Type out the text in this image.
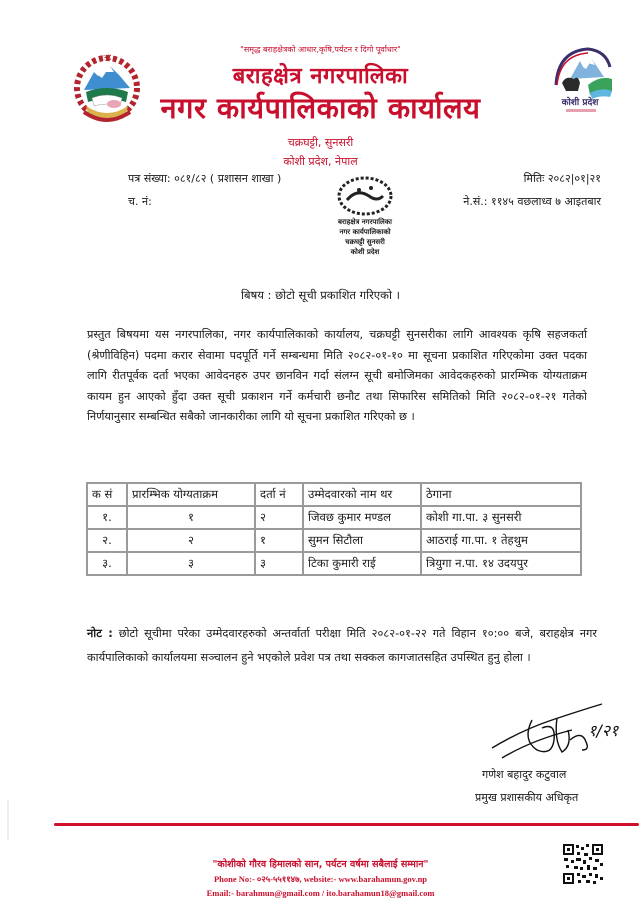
🕉
कोशी प्रदेश
"समृद्ध बराहक्षेत्रको आधार,कृषि,पर्यटन र दिगो पूर्वाधार"
बराहक्षेत्र नगरपालिका
नगर कार्यपालिकाको कार्यालय
चक्रघट्टी, सुनसरी
कोशी प्रदेश, नेपाल
पत्र संख्या: ०८१/८२ ( प्रशासन शाखा )
च. नं:
मितिः २०८२|०१|२१
ने.सं.: ११४५ वछलाध्व ७ आइतबार
बराहक्षेत्र नगरपालिका
नगर कार्यपालिकाको
चक्रघट्टी सुनसरी
कोशी प्रदेश
बिषय : छोटो सूची प्रकाशित गरिएको ।
प्रस्तुत बिषयमा यस नगरपालिका, नगर कार्यपालिकाको कार्यालय, चक्रघट्टी सुनसरीका लागि आवश्यक कृषि सहजकर्ता (श्रेणीविहिन) पदमा करार सेवामा पदपूर्ति गर्ने सम्बन्धमा मिति २०८२-०१-१० मा सूचना प्रकाशित गरिएकोमा उक्त पदका लागि रीतपूर्वक दर्ता भएका आवेदनहरु उपर छानविन गर्दा संलग्न सूची बमोजिमका आवेदकहरुको प्रारम्भिक योग्यताक्रम कायम हुन आएको हुँदा उक्त सूची प्रकाशन गर्ने कर्मचारी छनौट तथा सिफारिस समितिको मिति २०८२-०१-२१ गतेको निर्णयानुसार सम्बन्धित सबैको जानकारीका लागि यो सूचना प्रकाशित गरिएको छ ।
क सं	प्रारम्भिक योग्यताक्रम	दर्ता नं	उम्मेदवारको नाम थर	ठेगाना
१.	१	२	जिवछ कुमार मण्डल	कोशी गा.पा. ३ सुनसरी
२.	२	१	सुमन सिटौला	आठराई गा.पा. १ तेहथुम
३.	३	३	टिका कुमारी राई	त्रियुगा न.पा. १४ उदयपुर
नोट : छोटो सूचीमा परेका उम्मेदवारहरुको अन्तर्वार्ता परीक्षा मिति २०८२-०१-२२ गते विहान १०:०० बजे, बराहक्षेत्र नगर कार्यपालिकाको कार्यालयमा सञ्चालन हुने भएकोले प्रवेश पत्र तथा सक्कल कागजातसहित उपस्थित हुनु होला ।
१/२१
गणेश बहादुर कटुवाल
प्रमुख प्रशासकीय अधिकृत
"कोशीको गौरव हिमालको सान, पर्यटन वर्षमा सबैलाई सम्मान"
Phone No:- ०२५-५५११४७, website:- www.barahamun.gov.np
Email:- barahmun@gmail.com / ito.barahamun18@gmail.com
